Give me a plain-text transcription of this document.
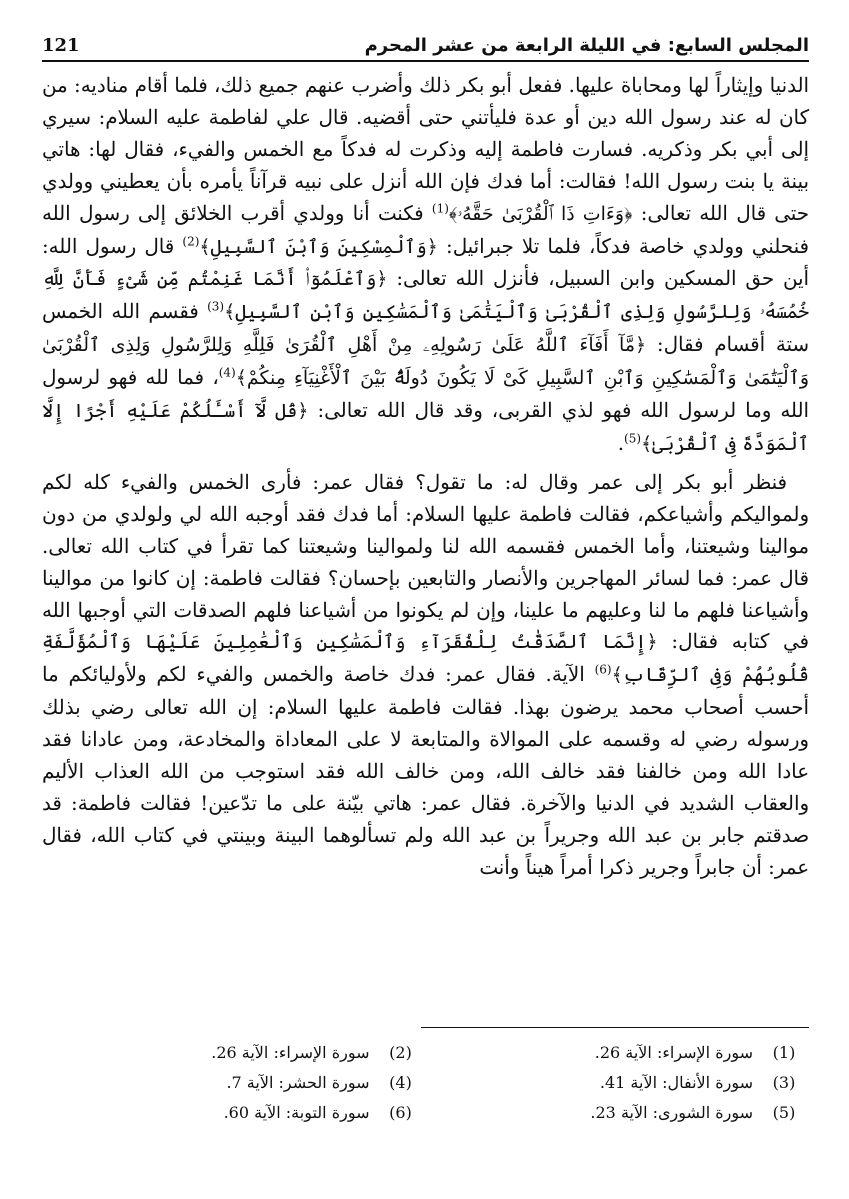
المجلس السابع: في الليلة الرابعة من عشر المحرم
121

الدنيا وإيثاراً لها ومحاباة عليها. ففعل أبو بكر ذلك وأضرب عنهم جميع ذلك، فلما أقام مناديه: من كان له عند رسول الله دين أو عدة فليأتني حتى أقضيه. قال علي لفاطمة عليه السلام: سيري إلى أبي بكر وذكريه. فسارت فاطمة إليه وذكرت له فدكاً مع الخمس والفيء، فقال لها: هاتي بينة يا بنت رسول الله! فقالت: أما فدك فإن الله أنزل على نبيه قرآناً يأمره بأن يعطيني وولدي حتى قال الله تعالى: ﴿وَءَاتِ ذَا ٱلْقُرْبَىٰ حَقَّهُۥ﴾$^{(1)}$ فكنت أنا وولدي أقرب الخلائق إلى رسول الله فنحلني وولدي خاصة فدكاً، فلما تلا جبرائيل: ﴿وَٱلْمِسْكِينَ وَٱبْنَ ٱلسَّبِيلِ﴾$^{(2)}$ قال رسول الله: أين حق المسكين وابن السبيل، فأنزل الله تعالى: ﴿وَٱعْلَمُوٓا۟ أَنَّمَا غَنِمْتُم مِّن شَىْءٍ فَأَنَّ لِلَّهِ خُمُسَهُۥ وَلِلرَّسُولِ وَلِذِى ٱلْقُرْبَىٰ وَٱلْيَتَٰمَىٰ وَٱلْمَسَٰكِينِ وَٱبْنِ ٱلسَّبِيلِ﴾$^{(3)}$ فقسم الله الخمس ستة أقسام فقال: ﴿مَّآ أَفَآءَ ٱللَّهُ عَلَىٰ رَسُولِهِۦ مِنْ أَهْلِ ٱلْقُرَىٰ فَلِلَّهِ وَلِلرَّسُولِ وَلِذِى ٱلْقُرْبَىٰ وَٱلْيَتَٰمَىٰ وَٱلْمَسَٰكِينِ وَٱبْنِ ٱلسَّبِيلِ كَىْ لَا يَكُونَ دُولَةًۢ بَيْنَ ٱلْأَغْنِيَآءِ مِنكُمْ﴾$^{(4)}$، فما لله فهو لرسول الله وما لرسول الله فهو لذي القربى، وقد قال الله تعالى: ﴿قُل لَّآ أَسْـَٔلُكُمْ عَلَيْهِ أَجْرًا إِلَّا ٱلْمَوَدَّةَ فِى ٱلْقُرْبَىٰ﴾$^{(5)}$.

فنظر أبو بكر إلى عمر وقال له: ما تقول؟ فقال عمر: فأرى الخمس والفيء كله لكم ولمواليكم وأشياعكم، فقالت فاطمة عليها السلام: أما فدك فقد أوجبه الله لي ولولدي من دون موالينا وشيعتنا، وأما الخمس فقسمه الله لنا ولموالينا وشيعتنا كما تقرأ في كتاب الله تعالى. قال عمر: فما لسائر المهاجرين والأنصار والتابعين بإحسان؟ فقالت فاطمة: إن كانوا من موالينا وأشياعنا فلهم ما لنا وعليهم ما علينا، وإن لم يكونوا من أشياعنا فلهم الصدقات التي أوجبها الله في كتابه فقال: ﴿إِنَّمَا ٱلصَّدَقَٰتُ لِلْفُقَرَآءِ وَٱلْمَسَٰكِينِ وَٱلْعَٰمِلِينَ عَلَيْهَا وَٱلْمُؤَلَّفَةِ قُلُوبُهُمْ وَفِى ٱلرِّقَابِ﴾$^{(6)}$ الآية. فقال عمر: فدك خاصة والخمس والفيء لكم ولأوليائكم ما أحسب أصحاب محمد يرضون بهذا. فقالت فاطمة عليها السلام: إن الله تعالى رضي بذلك ورسوله رضي له وقسمه على الموالاة والمتابعة لا على المعاداة والمخادعة، ومن عادانا فقد عادا الله ومن خالفنا فقد خالف الله، ومن خالف الله فقد استوجب من الله العذاب الأليم والعقاب الشديد في الدنيا والآخرة. فقال عمر: هاتي بيّنة على ما تدّعين! فقالت فاطمة: قد صدقتم جابر بن عبد الله وجريراً بن عبد الله ولم تسألوهما البينة وبينتي في كتاب الله، فقال عمر: أن جابراً وجرير ذكرا أمراً هيناً وأنت

(1)
سورة الإسراء: الآية 26.
(2)
سورة الإسراء: الآية 26.
(3)
سورة الأنفال: الآية 41.
(4)
سورة الحشر: الآية 7.
(5)
سورة الشورى: الآية 23.
(6)
سورة التوبة: الآية 60.
